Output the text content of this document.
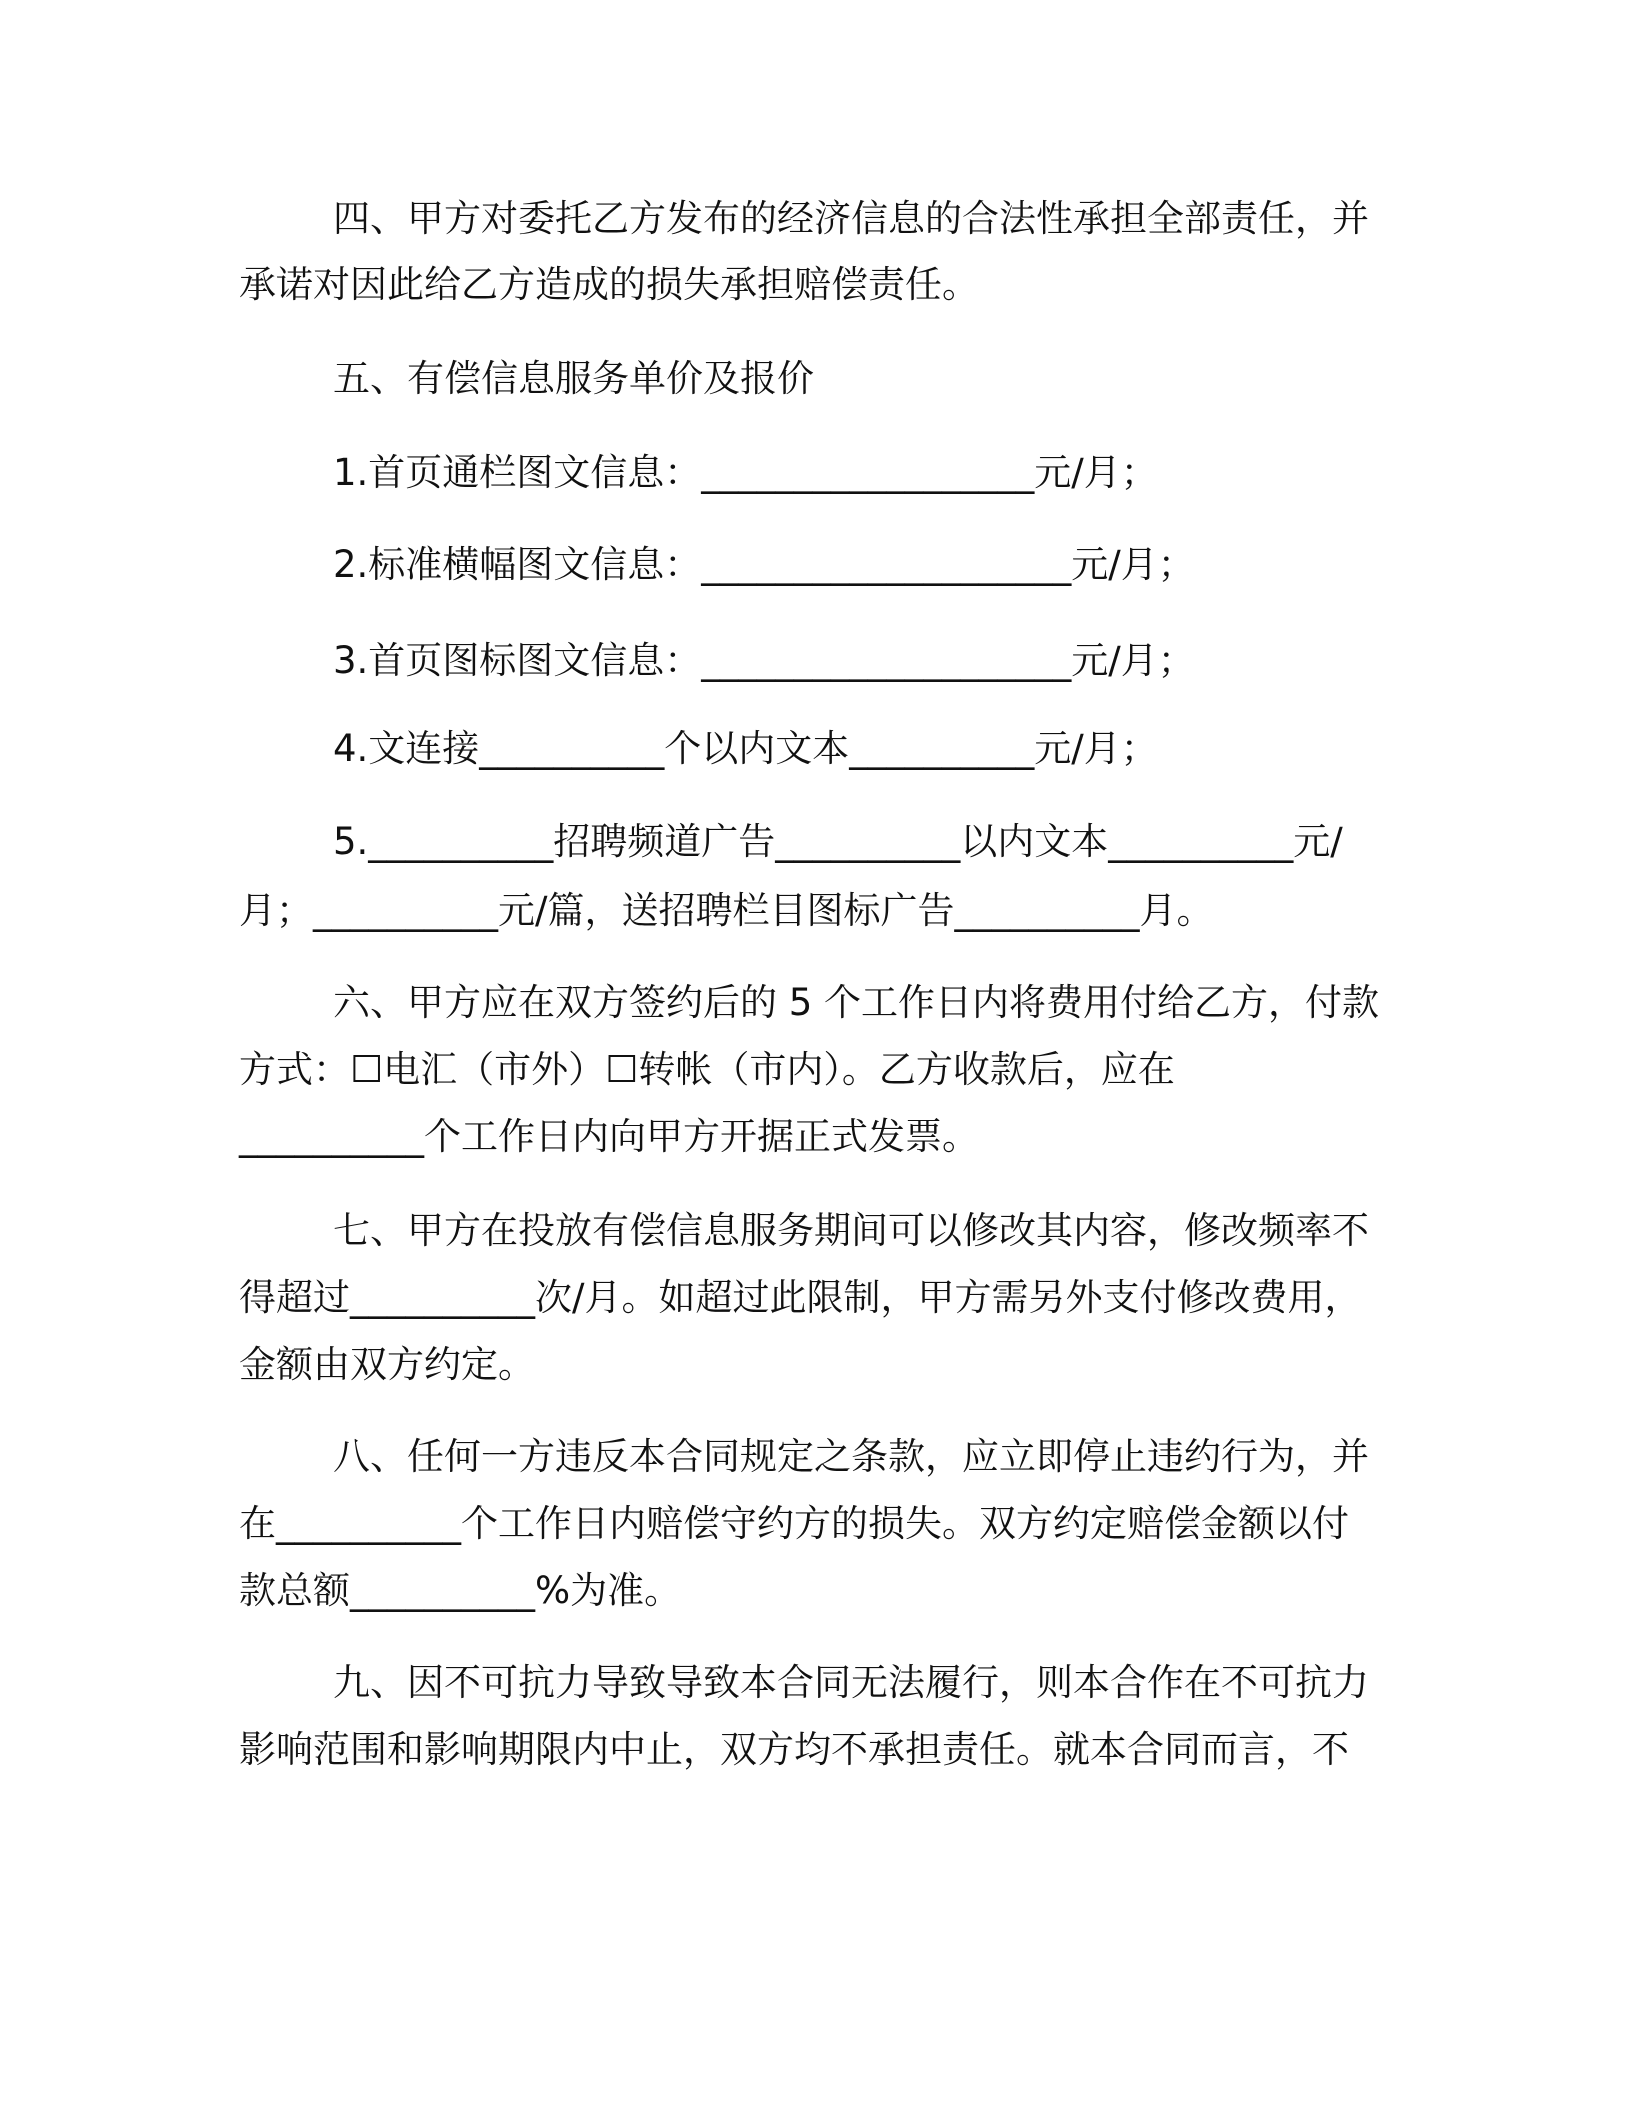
四、甲方对委托乙方发布的经济信息的合法性承担全部责任，并
承诺对因此给乙方造成的损失承担赔偿责任。
五、有偿信息服务单价及报价
1.首页通栏图文信息：__________________元/月；
2.标准横幅图文信息：____________________元/月；
3.首页图标图文信息：____________________元/月；
4.文连接__________个以内文本__________元/月；
5.__________招聘频道广告__________以内文本__________元/
月；__________元/篇，送招聘栏目图标广告__________月。
六、甲方应在双方签约后的 5 个工作日内将费用付给乙方，付款
方式：☐电汇（市外）☐转帐（市内）。乙方收款后，应在
__________个工作日内向甲方开据正式发票。
七、甲方在投放有偿信息服务期间可以修改其内容，修改频率不
得超过__________次/月。如超过此限制，甲方需另外支付修改费用，
金额由双方约定。
八、任何一方违反本合同规定之条款，应立即停止违约行为，并
在__________个工作日内赔偿守约方的损失。双方约定赔偿金额以付
款总额__________%为准。
九、因不可抗力导致导致本合同无法履行，则本合作在不可抗力
影响范围和影响期限内中止，双方均不承担责任。就本合同而言，不
